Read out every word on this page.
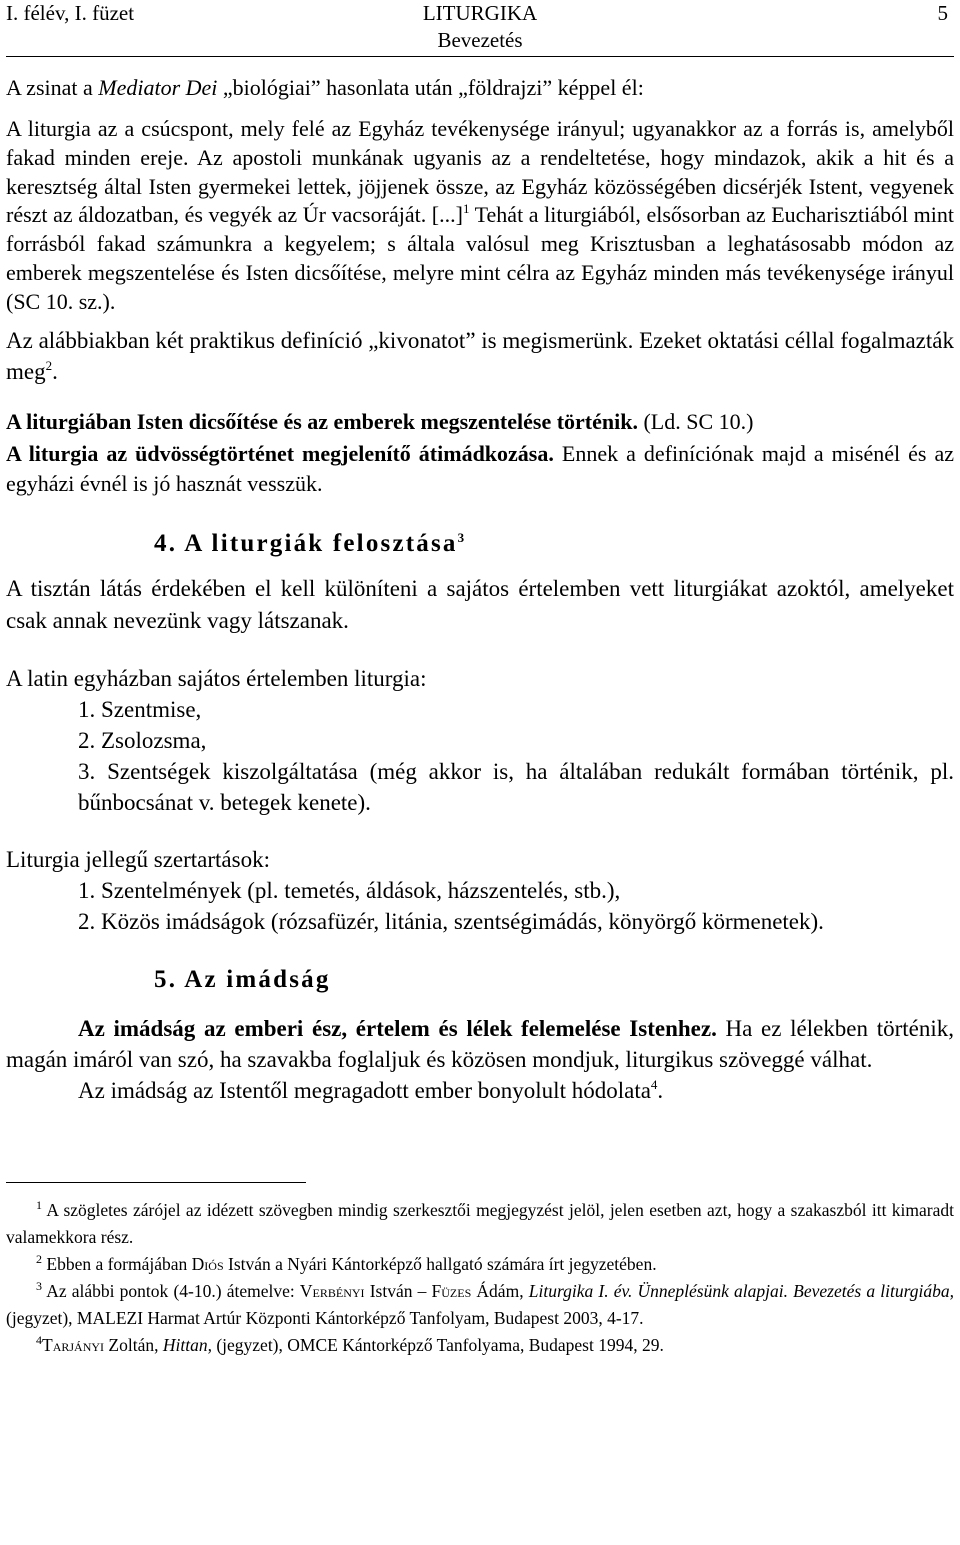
I. félév, I. füzet	LITURGIKA
Bevezetés
5

A zsinat a Mediator Dei „biológiai” hasonlata után „földrajzi” képpel él:

A liturgia az a csúcspont, mely felé az Egyház tevékenysége irányul; ugyanakkor az a forrás is, amelyből fakad minden ereje. Az apostoli munkának ugyanis az a rendeltetése, hogy mindazok, akik a hit és a keresztség által Isten gyermekei lettek, jöjjenek össze, az Egyház közösségében dicsérjék Istent, vegyenek részt az áldozatban, és vegyék az Úr vacsoráját. [...]$^1$ Tehát a liturgiából, elsősorban az Eucharisztiából mint forrásból fakad számunkra a kegyelem; s általa valósul meg Krisztusban a leghatásosabb módon az emberek megszentelése és Isten dicsőítése, melyre mint célra az Egyház minden más tevékenysége irányul (SC 10. sz.).

Az alábbiakban két praktikus definíció „kivonatot” is megismerünk. Ezeket oktatási céllal fogalmazták meg$^2$.

A liturgiában Isten dicsőítése és az emberek megszentelése történik. (Ld. SC 10.)

A liturgia az üdvösségtörténet megjelenítő átimádkozása. Ennek a definíciónak majd a misénél és az egyházi évnél is jó hasznát vesszük.

4. A liturgiák felosztása$^3$

A tisztán látás érdekében el kell különíteni a sajátos értelemben vett liturgiákat azoktól, amelyeket csak annak nevezünk vagy látszanak.

A latin egyházban sajátos értelemben liturgia:

1. Szentmise,
2. Zsolozsma,
3. Szentségek kiszolgáltatása (még akkor is, ha általában redukált formában történik, pl. bűnbocsánat v. betegek kenete).

Liturgia jellegű szertartások:

1. Szentelmények (pl. temetés, áldások, házszentelés, stb.),
2. Közös imádságok (rózsafüzér, litánia, szentségimádás, könyörgő körmenetek).
5. Az imádság

Az imádság az emberi ész, értelem és lélek felemelése Istenhez. Ha ez lélekben történik, magán imáról van szó, ha szavakba foglaljuk és közösen mondjuk, liturgikus szöveggé válhat.

Az imádság az Istentől megragadott ember bonyolult hódolata$^4$.

$^1$ A szögletes zárójel az idézett szövegben mindig szerkesztői megjegyzést jelöl, jelen esetben azt, hogy a szakaszból itt kimaradt valamekkora rész.

$^2$ Ebben a formájában Diós István a Nyári Kántorképző hallgató számára írt jegyzetében.

$^3$ Az alábbi pontok (4-10.) átemelve: Verbényi István – Füzes Ádám, Liturgika I. év. Ünneplésünk alapjai. Bevezetés a liturgiába, (jegyzet), MALEZI Harmat Artúr Központi Kántorképző Tanfolyam, Budapest 2003, 4-17.

$^4$Tarjányi Zoltán, Hittan, (jegyzet), OMCE Kántorképző Tanfolyama, Budapest 1994, 29.
